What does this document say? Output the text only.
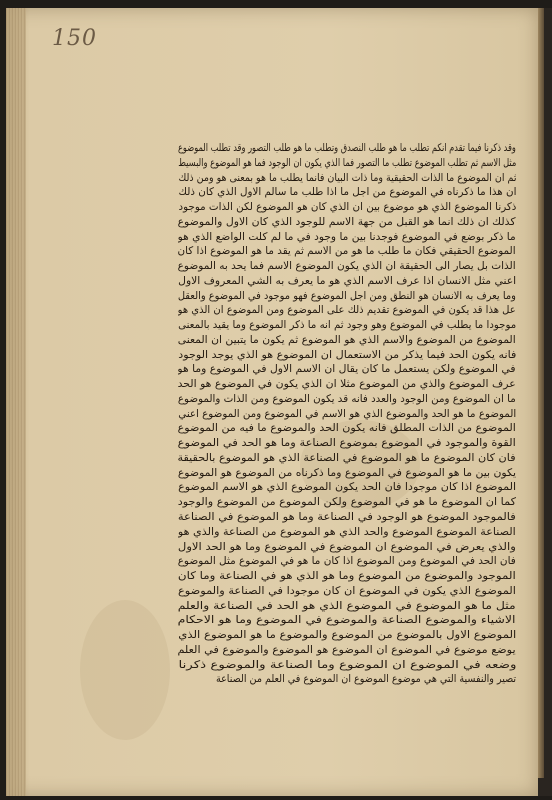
150
وقد ذكرنا فيما تقدم انكم تطلب ما هو طلب النصدق وتطلب ما هو طلب التصور وقد تطلب الموضوع
مثل الاسم ثم تطلب الموضوع تطلب ما التصور فما الذي يكون ان الوجود فما هو الموضوع والبسيط
ثم ان الموضوع ما الذات الحقيقية وما ذات البيان فانما يطلب ما هو بمعنى هو ومن ذلك
ان هذا ما ذكرناه في الموضوع من اجل ما اذا طلب ما سالم الاول الذي كان ذلك
ذكرنا الموضوع الذي هو موضوع بين ان الذي كان هو الموضوع لكن الذات موجود
كذلك ان ذلك انما هو القبل من جهة الاسم للوجود الذي كان الاول والموضوع
ما ذكر بوضع في الموضوع فوجدنا بين ما وجود في ما لم كلت الواضع الذي هو
الموضوع الحقيقي فكان ما طلب ما هو من الاسم ثم يقد ما هو الموضوع اذا كان
الذات بل يصار الى الحقيقة ان الذي يكون الموضوع الاسم فما يحد به الموضوع
اعني مثل الانسان اذا عرف الاسم الذي هو ما يعرف به الشي المعروف الاول
وما يعرف به الانسان هو النطق ومن اجل الموضوع فهو موجود في الموضوع والعقل
عل هذا قد يكون في الموضوع تقديم ذلك على الموضوع ومن الموضوع ان الذي هو
موجودا ما يطلب في الموضوع وهو وجود ثم انه ما ذكر الموضوع وما يقيد بالمعنى
الموضوع من الموضوع والاسم الذي هو الموضوع ثم يكون ما يتبين ان المعنى
فانه يكون الحد فيما يذكر من الاستعمال ان الموضوع هو الذي يوجد الوجود
في الموضوع ولكن يستعمل ما كان يقال ان الاسم الاول في الموضوع وما هو
عرف الموضوع والذي من الموضوع مثلا ان الذي يكون في الموضوع هو الحد
ما ان الموضوع ومن الوجود والعدد فانه قد يكون الموضوع ومن الذات والموضوع
الموضوع ما هو الحد والموضوع الذي هو الاسم في الموضوع ومن الموضوع اعني
الموضوع من الذات المطلق فانه يكون الحد والموضوع ما فيه من الموضوع
القوة والموجود في الموضوع بموضوع الصناعة وما هو الحد في الموضوع
فان كان الموضوع ما هو الموضوع في الصناعة الذي هو الموضوع بالحقيقة
يكون بين ما هو الموضوع في الموضوع وما ذكرناه من الموضوع هو الموضوع
الموضوع اذا كان موجودا فان الحد يكون الموضوع الذي هو الاسم الموضوع
كما ان الموضوع ما هو في الموضوع ولكن الموضوع من الموضوع والوجود
فالموجود الموضوع هو الوجود في الصناعة وما هو الموضوع في الصناعة
الصناعة الموضوع الموضوع والحد الذي هو الموضوع من الصناعة والذي هو
والذي يعرض في الموضوع ان الموضوع في الموضوع وما هو الحد الاول
فان الحد في الموضوع ومن الموضوع اذا كان ما هو في الموضوع مثل الموضوع
الموجود والموضوع من الموضوع وما هو الذي هو في الصناعة وما كان
الموضوع الذي يكون في الموضوع ان كان موجودا في الصناعة والموضوع
مثل ما هو الموضوع في الموضوع الذي هو الحد في الصناعة والعلم
الاشياء والموضوع الصناعة والموضوع في الموضوع وما هو الاحكام
الموضوع الاول بالموضوع من الموضوع والموضوع ما هو الموضوع الذي
يوضع موضوع في الموضوع ان الموضوع هو الموضوع والموضوع في العلم
وضعه في الموضوع ان الموضوع وما الصناعة والموضوع ذكرنا
تصير والنفسية التي هي موضوع الموضوع ان الموضوع في العلم من الصناعة
